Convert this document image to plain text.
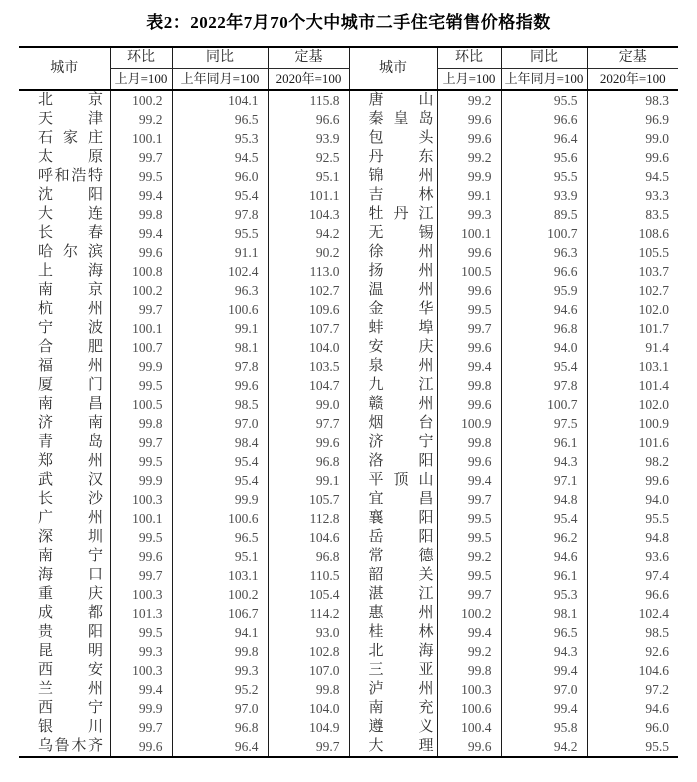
表2：2022年7月70个大中城市二手住宅销售价格指数
城市	环比	同比	定基	城市	环比	同比	定基
	上月=100	上年同月=100	2020年=100		上月=100	上年同月=100	2020年=100
北京	100.2	104.1	115.8	唐山	99.2	95.5	98.3
天津	99.2	96.5	96.6	秦皇岛	99.6	96.6	96.9
石家庄	100.1	95.3	93.9	包头	99.6	96.4	99.0
太原	99.7	94.5	92.5	丹东	99.2	95.6	99.6
呼和浩特	99.5	96.0	95.1	锦州	99.9	95.5	94.5
沈阳	99.4	95.4	101.1	吉林	99.1	93.9	93.3
大连	99.8	97.8	104.3	牡丹江	99.3	89.5	83.5
长春	99.4	95.5	94.2	无锡	100.1	100.7	108.6
哈尔滨	99.6	91.1	90.2	徐州	99.6	96.3	105.5
上海	100.8	102.4	113.0	扬州	100.5	96.6	103.7
南京	100.2	96.3	102.7	温州	99.6	95.9	102.7
杭州	99.7	100.6	109.6	金华	99.5	94.6	102.0
宁波	100.1	99.1	107.7	蚌埠	99.7	96.8	101.7
合肥	100.7	98.1	104.0	安庆	99.6	94.0	91.4
福州	99.9	97.8	103.5	泉州	99.4	95.4	103.1
厦门	99.5	99.6	104.7	九江	99.8	97.8	101.4
南昌	100.5	98.5	99.0	赣州	99.6	100.7	102.0
济南	99.8	97.0	97.7	烟台	100.9	97.5	100.9
青岛	99.7	98.4	99.6	济宁	99.8	96.1	101.6
郑州	99.5	95.4	96.8	洛阳	99.6	94.3	98.2
武汉	99.9	95.4	99.1	平顶山	99.4	97.1	99.6
长沙	100.3	99.9	105.7	宜昌	99.7	94.8	94.0
广州	100.1	100.6	112.8	襄阳	99.5	95.4	95.5
深圳	99.5	96.5	104.6	岳阳	99.5	96.2	94.8
南宁	99.6	95.1	96.8	常德	99.2	94.6	93.6
海口	99.7	103.1	110.5	韶关	99.5	96.1	97.4
重庆	100.3	100.2	105.4	湛江	99.7	95.3	96.6
成都	101.3	106.7	114.2	惠州	100.2	98.1	102.4
贵阳	99.5	94.1	93.0	桂林	99.4	96.5	98.5
昆明	99.3	99.8	102.8	北海	99.2	94.3	92.6
西安	100.3	99.3	107.0	三亚	99.8	99.4	104.6
兰州	99.4	95.2	99.8	泸州	100.3	97.0	97.2
西宁	99.9	97.0	104.0	南充	100.6	99.4	94.6
银川	99.7	96.8	104.9	遵义	100.4	95.8	96.0
乌鲁木齐	99.6	96.4	99.7	大理	99.6	94.2	95.5
